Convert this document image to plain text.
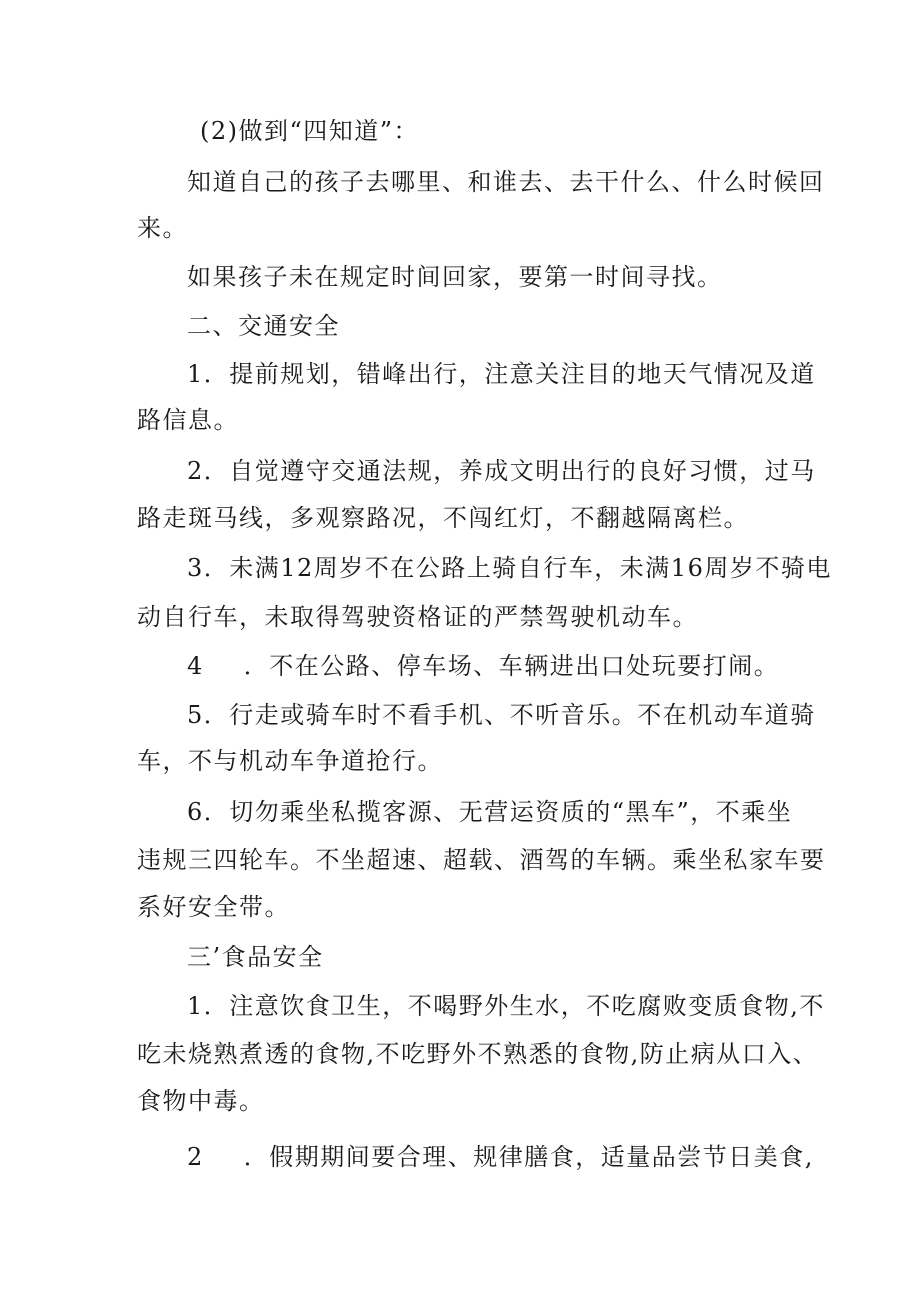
(2)做到“四知道”：
知道自己的孩子去哪里、和谁去、去干什么、什么时候回
来。
如果孩子未在规定时间回家，要第一时间寻找。
二、交通安全
1．提前规划，错峰出行，注意关注目的地天气情况及道
路信息。
2．自觉遵守交通法规，养成文明出行的良好习惯，过马
路走斑马线，多观察路况，不闯红灯，不翻越隔离栏。
3．未满12周岁不在公路上骑自行车，未满16周岁不骑电
动自行车，未取得驾驶资格证的严禁驾驶机动车。
4 ．不在公路、停车场、车辆进出口处玩要打闹。
5．行走或骑车时不看手机、不听音乐。不在机动车道骑
车，不与机动车争道抢行。
6．切勿乘坐私揽客源、无营运资质的“黑车”，不乘坐
违规三四轮车。不坐超速、超载、酒驾的车辆。乘坐私家车要
系好安全带。
三’食品安全
1．注意饮食卫生，不喝野外生水，不吃腐败变质食物,不
吃未烧熟煮透的食物,不吃野外不熟悉的食物,防止病从口入、
食物中毒。
2 ．假期期间要合理、规律膳食，适量品尝节日美食,
